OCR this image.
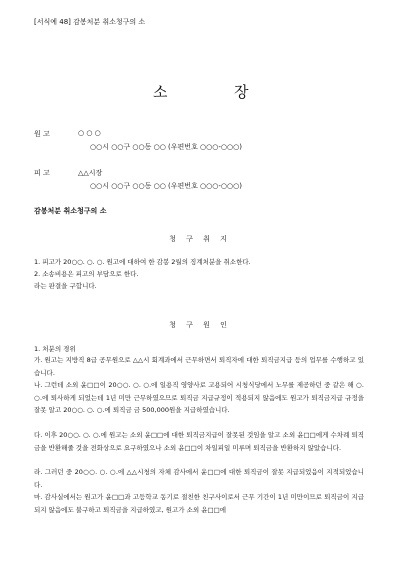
[서식예 48] 감봉처분 취소청구의 소
소	장
원 고	○ ○ ○
○○시 ○○구 ○○동 ○○ (우편번호 ○○○-○○○)
피 고	△△시장
○○시 ○○구 ○○동 ○○ (우편번호 ○○○-○○○)
감봉처분 취소청구의 소
청 구 취 지
1. 피고가 20○○. ○. ○. 원고에 대하여 한 감봉 2월의 징계처분을 취소한다.
2. 소송비용은 피고의 부담으로 한다.
라는 판결을 구합니다.
청 구 원 인
1. 처분의 경위
가. 원고는 지방직 8급 공무원으로 △△시 회계과에서 근무하면서 퇴직자에 대한 퇴직금지급 등의 업무를 수행하고 있습니다.
나. 그런데 소외 윤□□이 20○○. ○. ○.에 일용직 영양사로 고용되어 시청식당에서 노무를 제공하던 중 같은 해 ○. ○.에 퇴사하게 되었는데 1년 미만 근무하였으므로 퇴직금 지급규정이 적용되지 않음에도 원고가 퇴직금지급 규정을 잘못 알고 20○○. ○. ○.에 퇴직금 금 500,000원을 지급하였습니다.
다. 이후 20○○. ○. ○.에 원고는 소외 윤□□에 대한 퇴직금지급이 잘못된 것임을 알고 소외 윤□□에게 수차례 퇴직금을 반환해줄 것을 전화상으로 요구하였으나 소외 윤□□이 차일피일 미루며 퇴직금을 반환하지 않았습니다.
라. 그러던 중 20○○. ○. ○.에 △△시청의 자체 감사에서 윤□□에 대한 퇴직금이 잘못 지급되었음이 지적되었습니다.
마. 감사실에서는 원고가 윤□□과 고등학교 동기로 절친한 친구사이로서 근무 기간이 1년 미만이므로 퇴직금이 지급되지 않음에도 불구하고 퇴직금을 지급하였고, 원고가 소외 윤□□에
